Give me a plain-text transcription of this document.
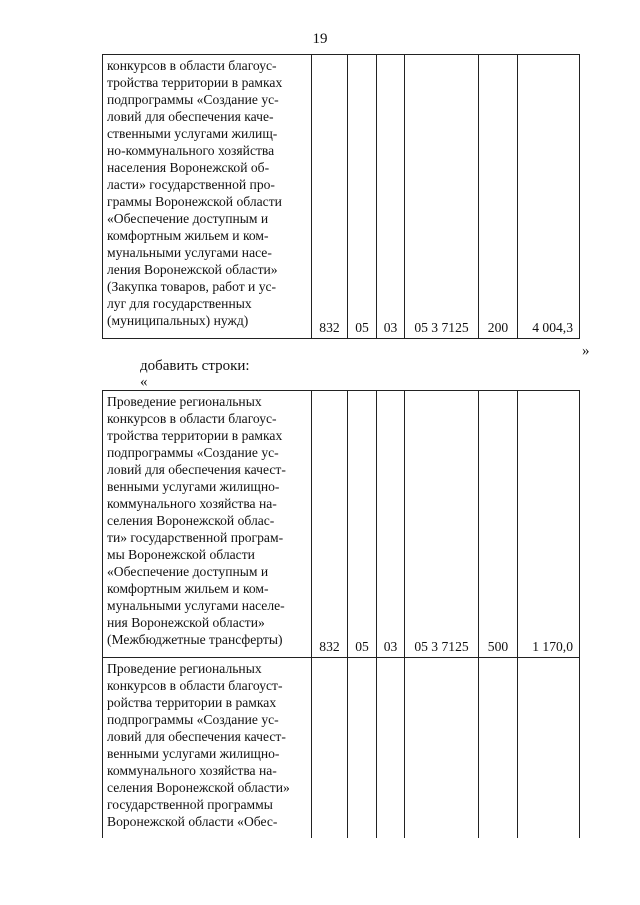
19
конкурсов в области благоус-
тройства территории в рамках
подпрограммы «Создание ус-
ловий для обеспечения каче-
ственными услугами жилищ-
но-коммунального хозяйства
населения Воронежской об-
ласти» государственной про-
граммы Воронежской области
«Обеспечение доступным и
комфортным жильем и ком-
мунальными услугами насе-
ления Воронежской области»
(Закупка товаров, работ и ус-
луг для государственных
(муниципальных) нужд)	832	05	03	05 3 7125	200	4 004,3
»
добавить строки:
«
Проведение региональных
конкурсов в области благоус-
тройства территории в рамках
подпрограммы «Создание ус-
ловий для обеспечения качест-
венными услугами жилищно-
коммунального хозяйства на-
селения Воронежской облас-
ти» государственной програм-
мы Воронежской области
«Обеспечение доступным и
комфортным жильем и ком-
мунальными услугами населе-
ния Воронежской области»
(Межбюджетные трансферты)	832	05	03	05 3 7125	500	1 170,0
Проведение региональных
конкурсов в области благоуст-
ройства территории в рамках
подпрограммы «Создание ус-
ловий для обеспечения качест-
венными услугами жилищно-
коммунального хозяйства на-
селения Воронежской области»
государственной программы
Воронежской области «Обес-						
